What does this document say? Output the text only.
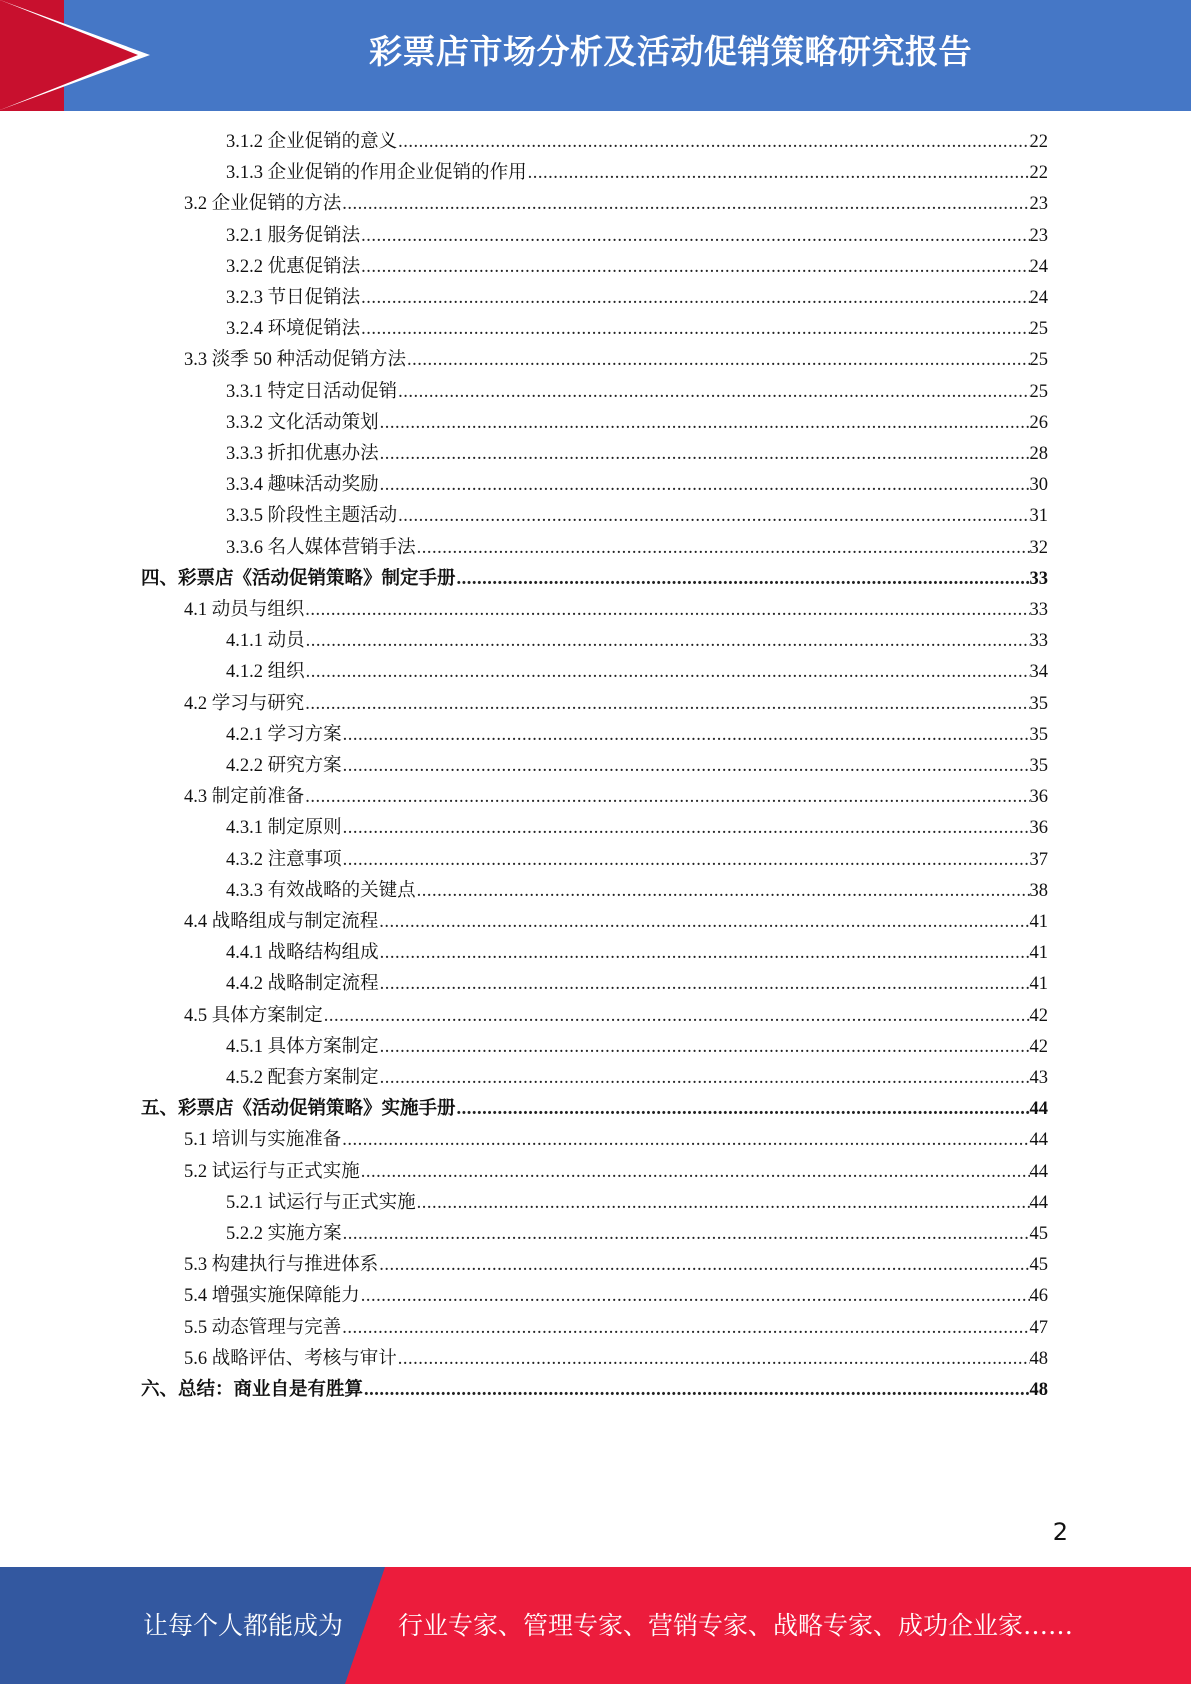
彩票店市场分析及活动促销策略研究报告
3.1.2 企业促销的意义 .....	22
3.1.3 企业促销的作用企业促销的作用 .....	22
3.2 企业促销的方法 .....	23
3.2.1 服务促销法 .....	23
3.2.2 优惠促销法 .....	24
3.2.3 节日促销法 .....	24
3.2.4 环境促销法 .....	25
3.3 淡季 50 种活动促销方法 .....	25
3.3.1 特定日活动促销 .....	25
3.3.2 文化活动策划 .....	26
3.3.3 折扣优惠办法 .....	28
3.3.4 趣味活动奖励 .....	30
3.3.5 阶段性主题活动 .....	31
3.3.6 名人媒体营销手法 .....	32
四、彩票店《活动促销策略》制定手册 .....	33
4.1 动员与组织 .....	33
4.1.1 动员 .....	33
4.1.2 组织 .....	34
4.2 学习与研究 .....	35
4.2.1 学习方案 .....	35
4.2.2 研究方案 .....	35
4.3 制定前准备 .....	36
4.3.1 制定原则 .....	36
4.3.2 注意事项 .....	37
4.3.3 有效战略的关键点 .....	38
4.4 战略组成与制定流程 .....	41
4.4.1 战略结构组成 .....	41
4.4.2 战略制定流程 .....	41
4.5 具体方案制定 .....	42
4.5.1 具体方案制定 .....	42
4.5.2 配套方案制定 .....	43
五、彩票店《活动促销策略》实施手册 .....	44
5.1 培训与实施准备 .....	44
5.2 试运行与正式实施 .....	44
5.2.1 试运行与正式实施 .....	44
5.2.2 实施方案 .....	45
5.3 构建执行与推进体系 .....	45
5.4 增强实施保障能力 .....	46
5.5 动态管理与完善 .....	47
5.6 战略评估、考核与审计 .....	48
六、总结：商业自是有胜算 .....	48
2
让每个人都能成为 行业专家、管理专家、营销专家、战略专家、成功企业家……
